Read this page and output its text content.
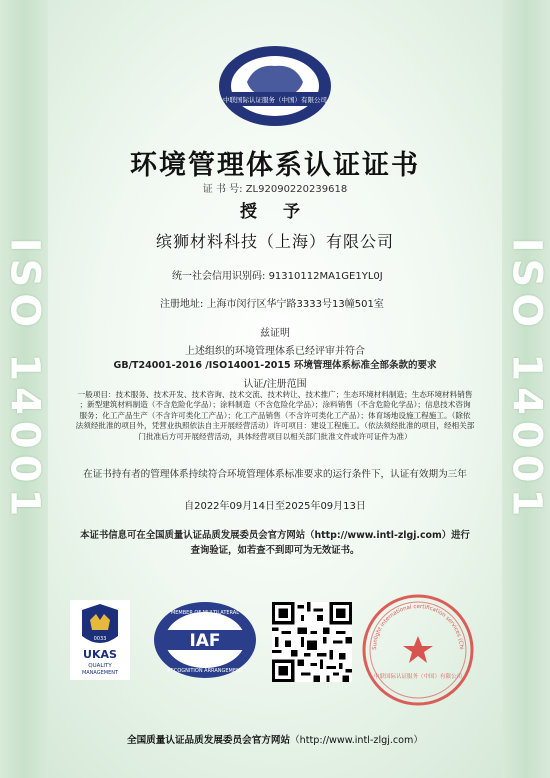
ISO 14001	ISO 14001
中联国际认证服务（中国）有限公司
环境管理体系认证证书
证 书 号: ZL92090220239618
授 予
缤狮材料科技（上海）有限公司
统一社会信用识别码: 91310112MA1GE1YL0J
注册地址: 上海市闵行区华宁路3333号13幢501室
兹证明
上述组织的环境管理体系已经评审并符合
GB/T24001-2016 /ISO14001-2015 环境管理体系标准全部条款的要求
认证/注册范围
一般项目：技术服务、技术开发、技术咨询、技术交流、技术转让、技术推广；生态环境材料制造；生态环境材料销售
；新型建筑材料制造（不含危险化学品）；涂料制造（不含危险化学品）；涂料销售（不含危险化学品）；信息技术咨询
服务；化工产品生产（不含许可类化工产品）；化工产品销售（不含许可类化工产品）；体育场地设施工程施工。（除依
法须经批准的项目外，凭营业执照依法自主开展经营活动）许可项目：建设工程施工。（依法须经批准的项目，经相关部
门批准后方可开展经营活动，具体经营项目以相关部门批准文件或许可证件为准）
在证书持有者的管理体系持续符合环境管理体系标准要求的运行条件下，认证有效期为三年
自2022年09月14日至2025年09月13日
本证书信息可在全国质量认证品质发展委员会官方网站（http://www.intl-zlgj.com）进行
查询验证，如若查不到即可为无效证书。
0033
UKAS
QUALITY
MANAGEMENT
IAF
MEMBER OF MULTILATERAL
RECOGNITION ARRANGEMENT
Sunlight international certification services (Chi
中联国际认证服务（中国）有限公司
全国质量认证品质发展委员会官方网站（http://www.intl-zlgj.com）
